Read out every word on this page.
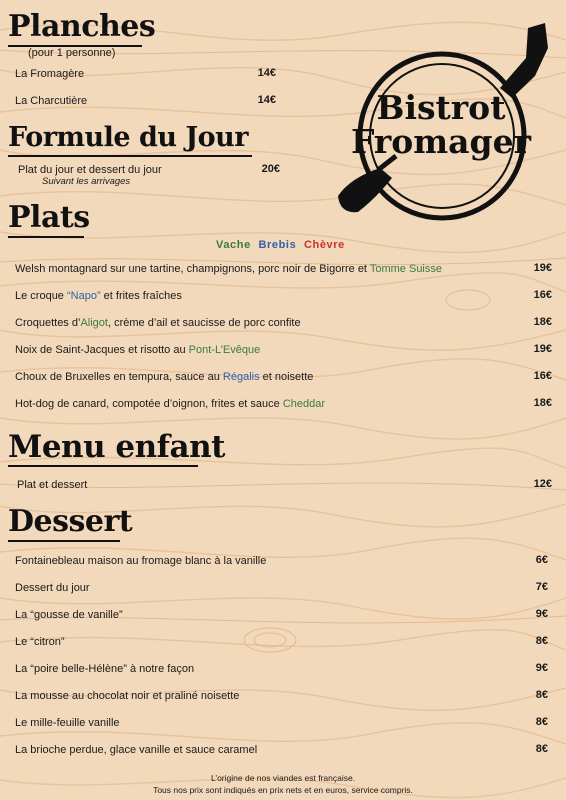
Planches
(pour 1 personne)
La Fromagère	14€
La Charcutière	14€
Formule du Jour
Plat du jour et dessert du jour	20€
Suivant les arrivages
Bistrot
Fromager
Plats
Vache Brebis Chèvre
Welsh montagnard sur une tartine, champignons, porc noir de Bigorre et Tomme Suisse	19€
Le croque “Napo” et frites fraîches	16€
Croquettes d’Aligot, crème d’ail et saucisse de porc confite	18€
Noix de Saint-Jacques et risotto au Pont-L’Evêque	19€
Choux de Bruxelles en tempura, sauce au Régalis et noisette	16€
Hot-dog de canard, compotée d’oignon, frites et sauce Cheddar	18€
Menu enfant
Plat et dessert	12€
Dessert
Fontainebleau maison au fromage blanc à la vanille	6€
Dessert du jour	7€
La “gousse de vanille”	9€
Le “citron”	8€
La “poire belle-Hélène” à notre façon	9€
La mousse au chocolat noir et praliné noisette	8€
Le mille-feuille vanille	8€
La brioche perdue, glace vanille et sauce caramel	8€
L’origine de nos viandes est française.
Tous nos prix sont indiqués en prix nets et en euros, service compris.
